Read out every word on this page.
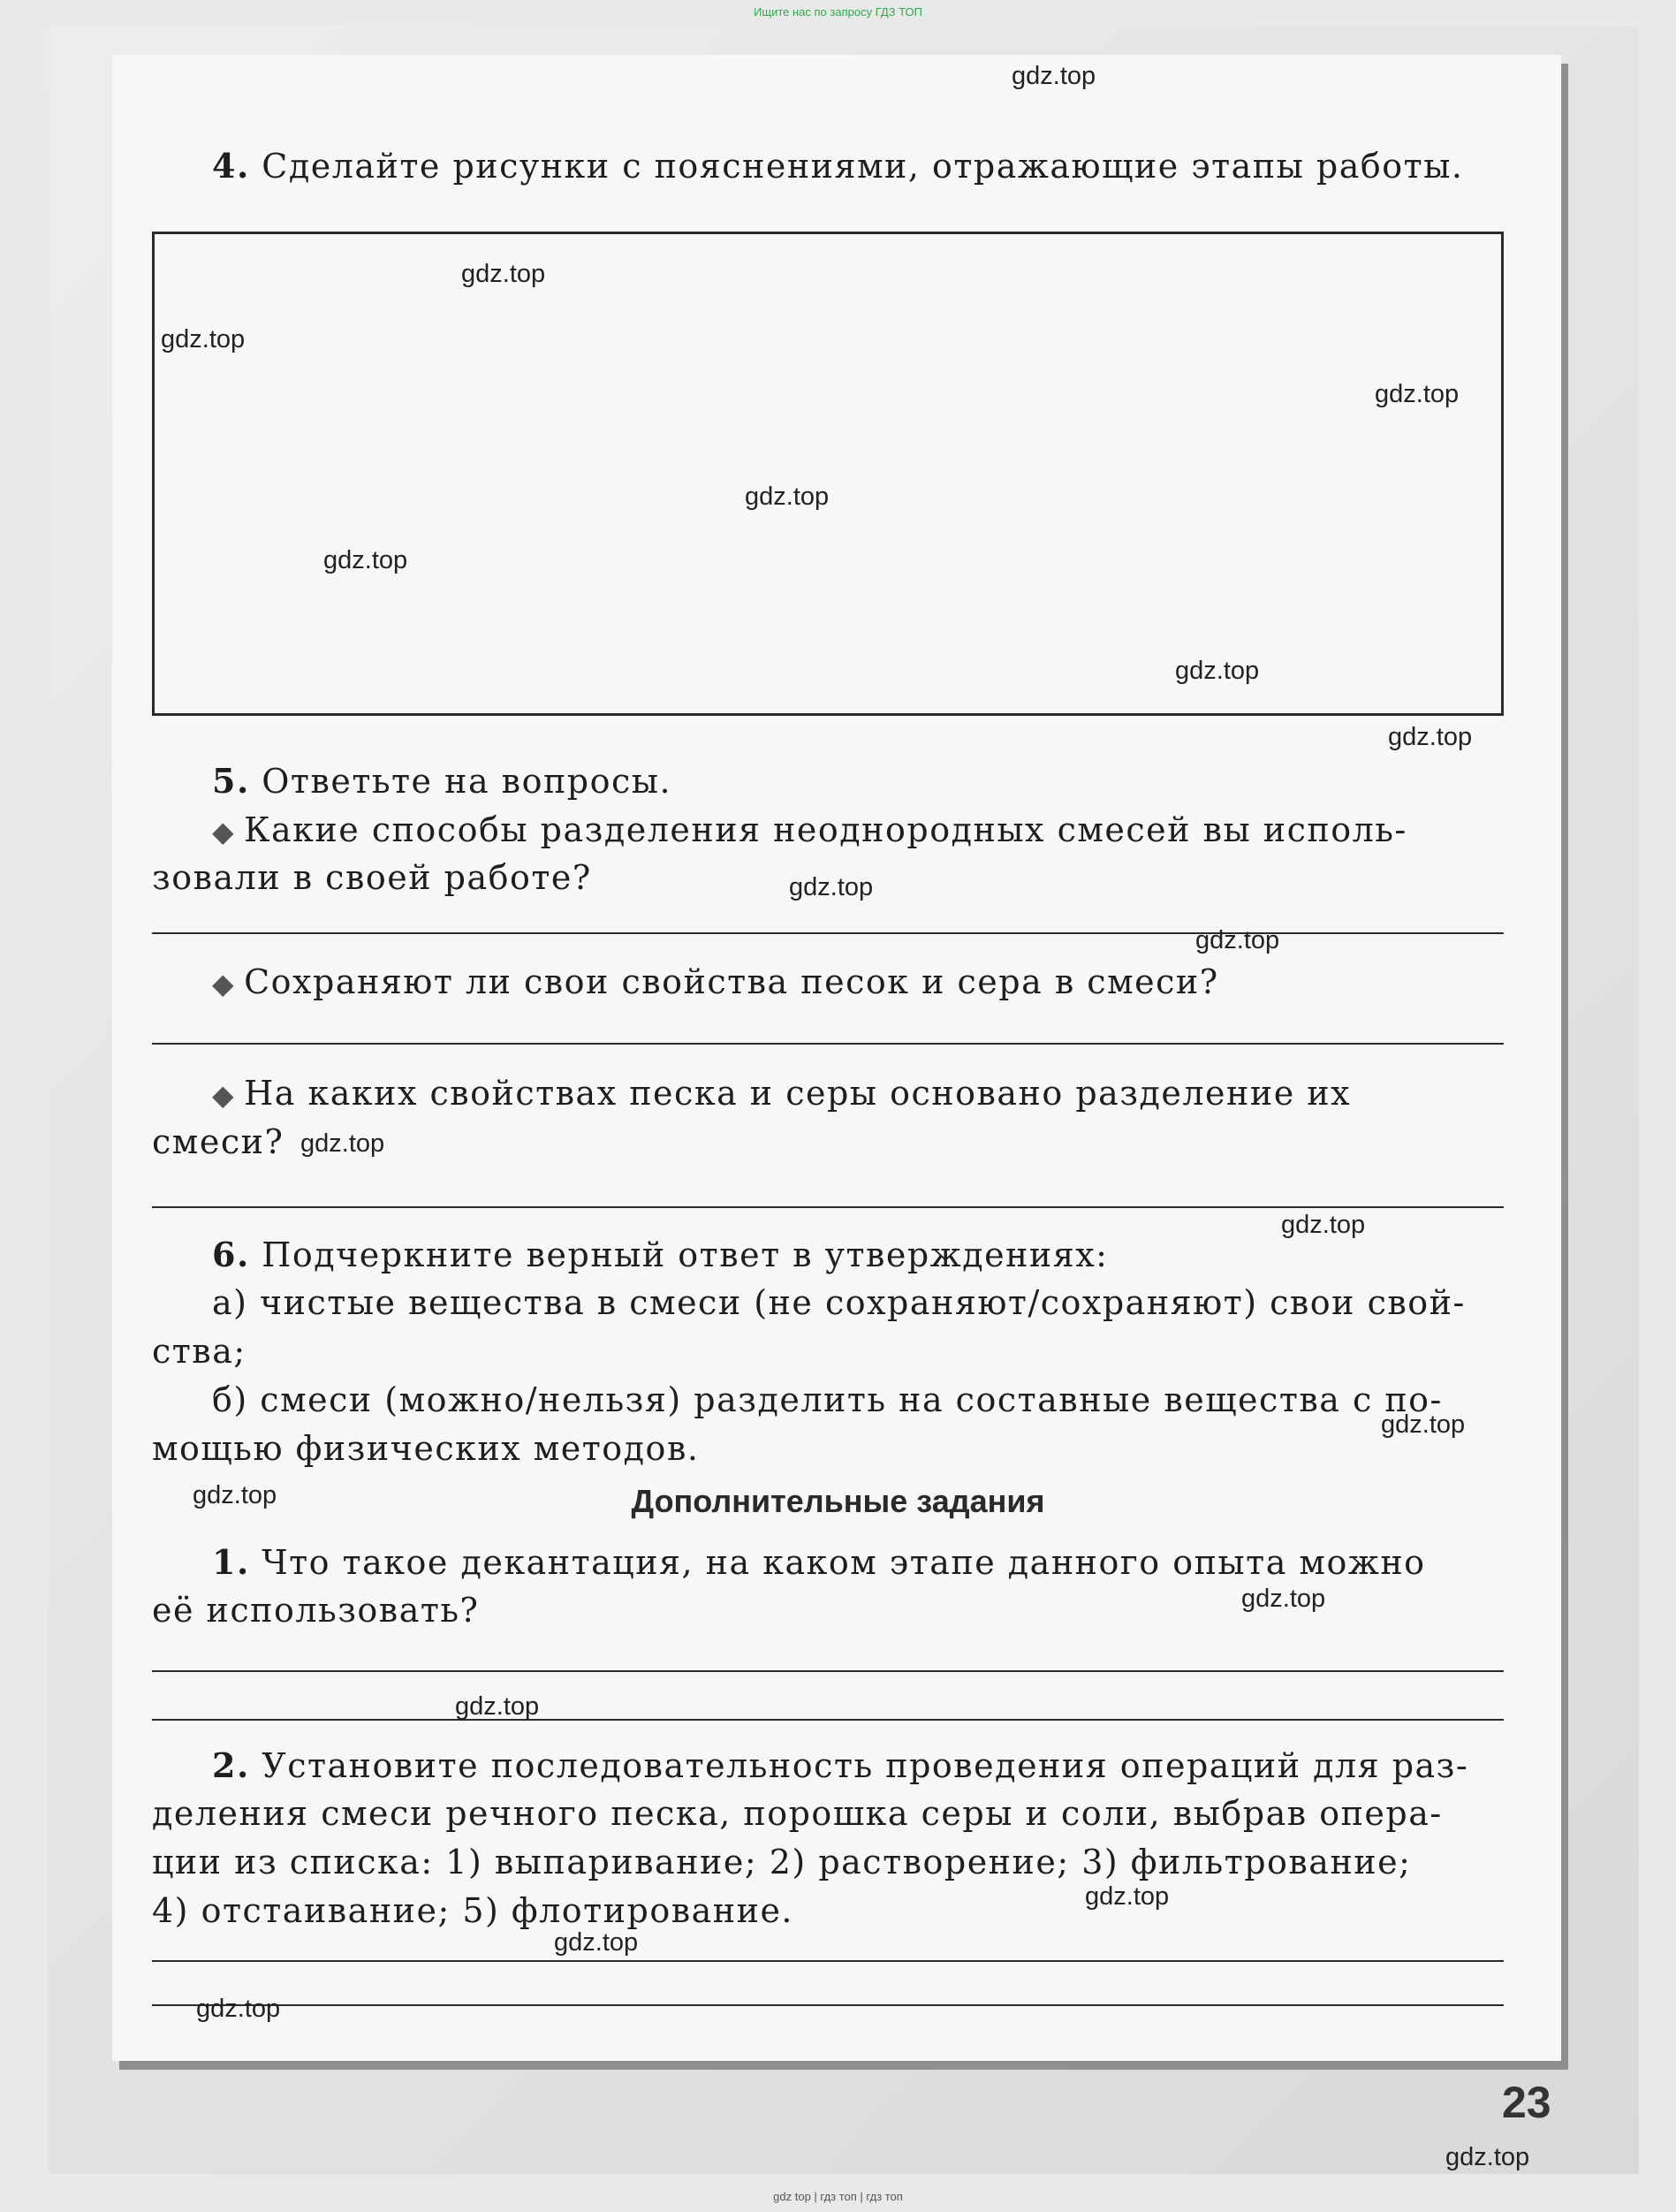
Ищите нас по запросу ГДЗ ТОП
4. Сделайте рисунки с пояснениями, отражающие этапы работы.
5. Ответьте на вопросы.
◆ Какие способы разделения неоднородных смесей вы исполь-
зовали в своей работе?
◆ Сохраняют ли свои свойства песок и сера в смеси?
◆ На каких свойствах песка и серы основано разделение их
смеси?
6. Подчеркните верный ответ в утверждениях:
а) чистые вещества в смеси (не сохраняют/сохраняют) свои свой-
ства;
б) смеси (можно/нельзя) разделить на составные вещества с по-
мощью физических методов.
Дополнительные задания
1. Что такое декантация, на каком этапе данного опыта можно
её использовать?
2. Установите последовательность проведения операций для раз-
деления смеси речного песка, порошка серы и соли, выбрав опера-
ции из списка: 1) выпаривание; 2) растворение; 3) фильтрование;
4) отстаивание; 5) флотирование.
23
gdz.top
gdz.top
gdz.top
gdz.top
gdz.top
gdz.top
gdz.top
gdz.top
gdz.top
gdz.top
gdz.top
gdz.top
gdz.top
gdz.top
gdz.top
gdz.top
gdz.top
gdz.top
gdz.top
gdz.top
gdz top | гдз топ | гдз топ
